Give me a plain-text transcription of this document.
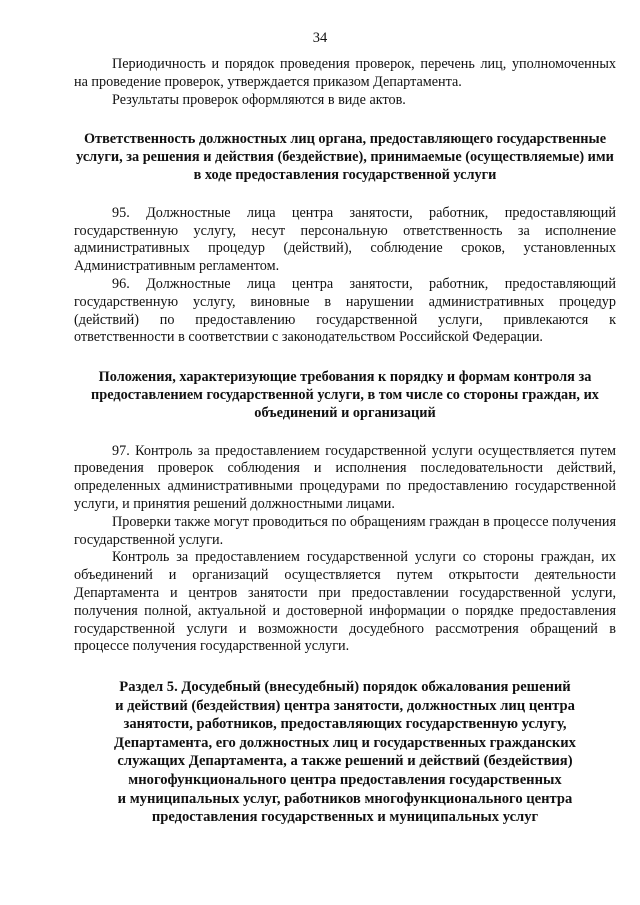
34

Периодичность и порядок проведения проверок, перечень лиц, уполномоченных на проведение проверок, утверждается приказом Департамента.

Результаты проверок оформляются в виде актов.

Ответственность должностных лиц органа, предоставляющего государственные услуги, за решения и действия (бездействие), принимаемые (осуществляемые) ими в ходе предоставления государственной услуги

95. Должностные лица центра занятости, работник, предоставляющий государственную услугу, несут персональную ответственность за исполнение административных процедур (действий), соблюдение сроков, установленных Административным регламентом.

96. Должностные лица центра занятости, работник, предоставляющий государственную услугу, виновные в нарушении административных процедур (действий) по предоставлению государственной услуги, привлекаются к ответственности в соответствии с законодательством Российской Федерации.

Положения, характеризующие требования к порядку и формам контроля за предоставлением государственной услуги, в том числе со стороны граждан, их объединений и организаций

97. Контроль за предоставлением государственной услуги осуществляется путем проведения проверок соблюдения и исполнения последовательности действий, определенных административными процедурами по предоставлению государственной услуги, и принятия решений должностными лицами.

Проверки также могут проводиться по обращениям граждан в процессе получения государственной услуги.

Контроль за предоставлением государственной услуги со стороны граждан, их объединений и организаций осуществляется путем открытости деятельности Департамента и центров занятости при предоставлении государственной услуги, получения полной, актуальной и достоверной информации о порядке предоставления государственной услуги и возможности досудебного рассмотрения обращений в процессе получения государственной услуги.

Раздел 5. Досудебный (внесудебный) порядок обжалования решений
и действий (бездействия) центра занятости, должностных лиц центра
занятости, работников, предоставляющих государственную услугу,
Департамента, его должностных лиц и государственных гражданских
служащих Департамента, а также решений и действий (бездействия)
многофункционального центра предоставления государственных
и муниципальных услуг, работников многофункционального центра
предоставления государственных и муниципальных услуг
